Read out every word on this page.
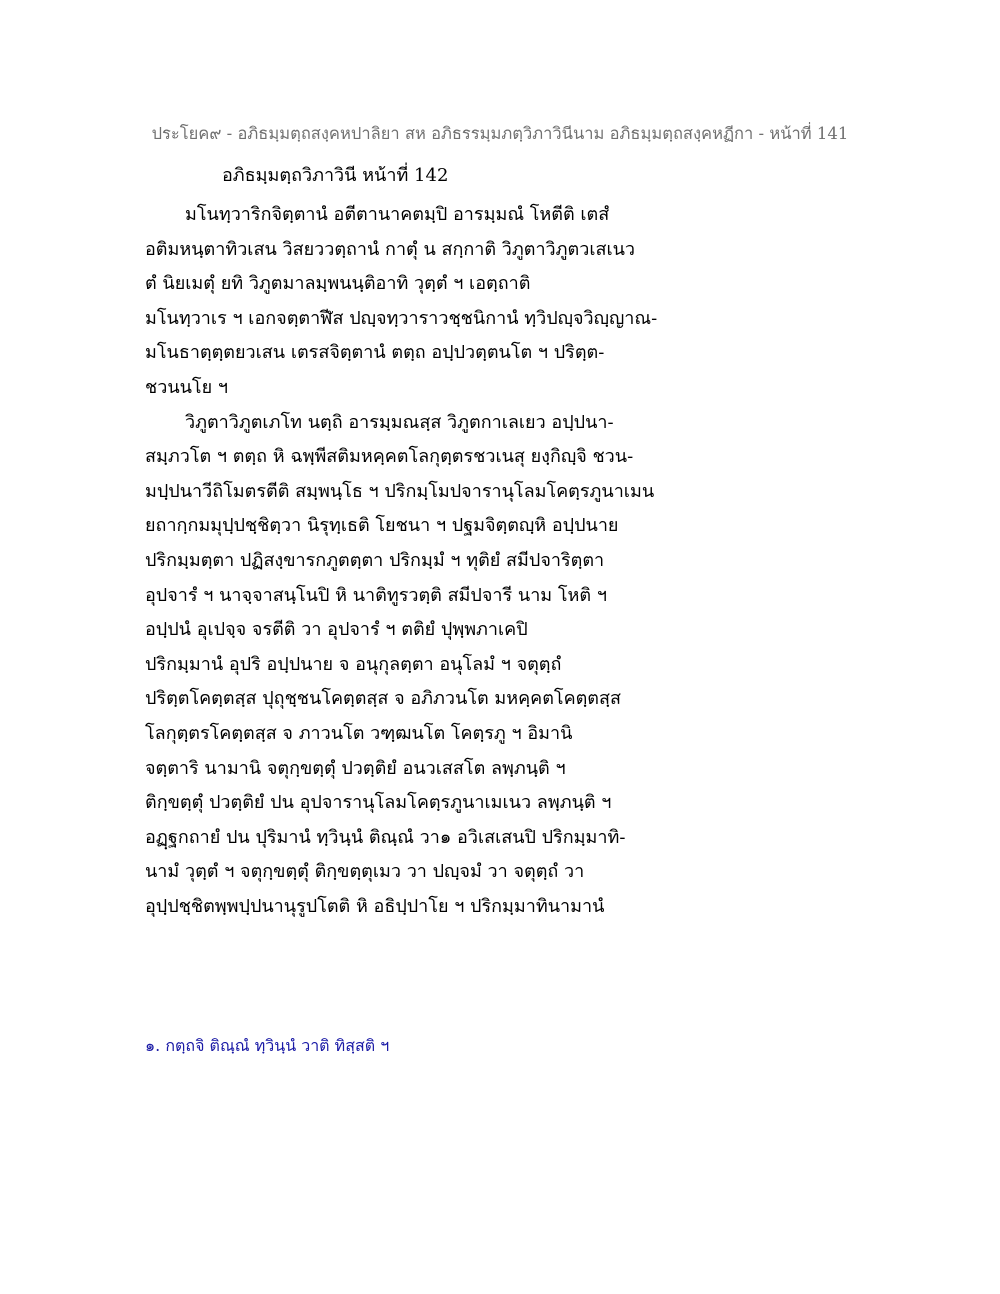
ประโยค๙ - อภิธมฺมตฺถสงฺคหปาลิยา สห อภิธรรมฺมภตฺวิภาวินีนาม อภิธมฺมตฺถสงฺคหฏีกา - หน้าที่ 141
อภิธมฺมตฺถวิภาวินี หน้าที่ 142
มโนทฺวาริกจิตฺตานํ อตีตานาคตมฺปิ อารมฺมณํ โหตีติ เตสํ
อติมหนฺตาทิวเสน วิสยววตฺถานํ กาตุํ น สกฺกาติ วิภูตาวิภูตวเสเนว
ตํ นิยเมตุํ ยทิ วิภูตมาลมฺพนนฺติอาทิ วุตฺตํ ฯ เอตฺถาติ
มโนทฺวาเร ฯ เอกจตฺตาฬีส ปญฺจทฺวาราวชฺชนิกานํ ทฺวิปญฺจวิญฺญาณ-
มโนธาตฺตฺตยวเสน เตรสจิตฺตานํ ตตฺถ อปฺปวตฺตนโต ฯ ปริตฺต-
ชวนนโย ฯ
วิภูตาวิภูตเภโท นตฺถิ อารมฺมณสฺส วิภูตกาเลเยว อปฺปนา-
สมฺภวโต ฯ ตตฺถ หิ ฉพฺพีสติมหคฺคตโลกุตฺตรชวเนสุ ยงฺกิญฺจิ ชวน-
มปฺปนาวีถิโมตรตีติ สมฺพนฺโธ ฯ ปริกมฺโมปจารานุโลมโคตฺรภูนาเมน
ยถากฺกมมุปฺปชฺชิตฺวา นิรุทฺเธติ โยชนา ฯ ปฐมจิตฺตญฺหิ อปฺปนาย
ปริกมฺมตฺตา ปฏิสงฺขารกภูตตฺตา ปริกมฺมํ ฯ ทุติยํ สมีปจาริตฺตา
อุปจารํ ฯ นาจฺจาสนฺโนปิ หิ นาติทูรวตฺติ สมีปจารี นาม โหติ ฯ
อปฺปนํ อุเปจฺจ จรตีติ วา อุปจารํ ฯ ตติยํ ปุพฺพภาเคปิ
ปริกมฺมานํ อุปริ อปฺปนาย จ อนุกุลตฺตา อนุโลมํ ฯ จตุตฺถํ
ปริตฺตโคตฺตสฺส ปุถุชฺชนโคตฺตสฺส จ อภิภวนโต มหคฺคตโคตฺตสฺส
โลกุตฺตรโคตฺตสฺส จ ภาวนโต วฑฺฒนโต โคตฺรภู ฯ อิมานิ
จตฺตาริ นามานิ จตุกฺขตฺตุํ ปวตฺติยํ อนวเสสโต ลพฺภนฺติ ฯ
ติกฺขตฺตุํ ปวตฺติยํ ปน อุปจารานุโลมโคตฺรภูนาเมเนว ลพฺภนฺติ ฯ
อฏฺฐกถายํ ปน ปุริมานํ ทฺวินฺนํ ติณฺณํ วา๑ อวิเสเสนปิ ปริกมฺมาทิ-
นามํ วุตฺตํ ฯ จตุกฺขตฺตุํ ติกฺขตฺตุเมว วา ปญฺจมํ วา จตุตฺถํ วา
อุปฺปชฺชิตพฺพปฺปนานุรูปโตติ หิ อธิปฺปาโย ฯ ปริกมฺมาทินามานํ
๑. กตฺถจิ ติณฺณํ ทฺวินฺนํ วาติ ทิสฺสติ ฯ
